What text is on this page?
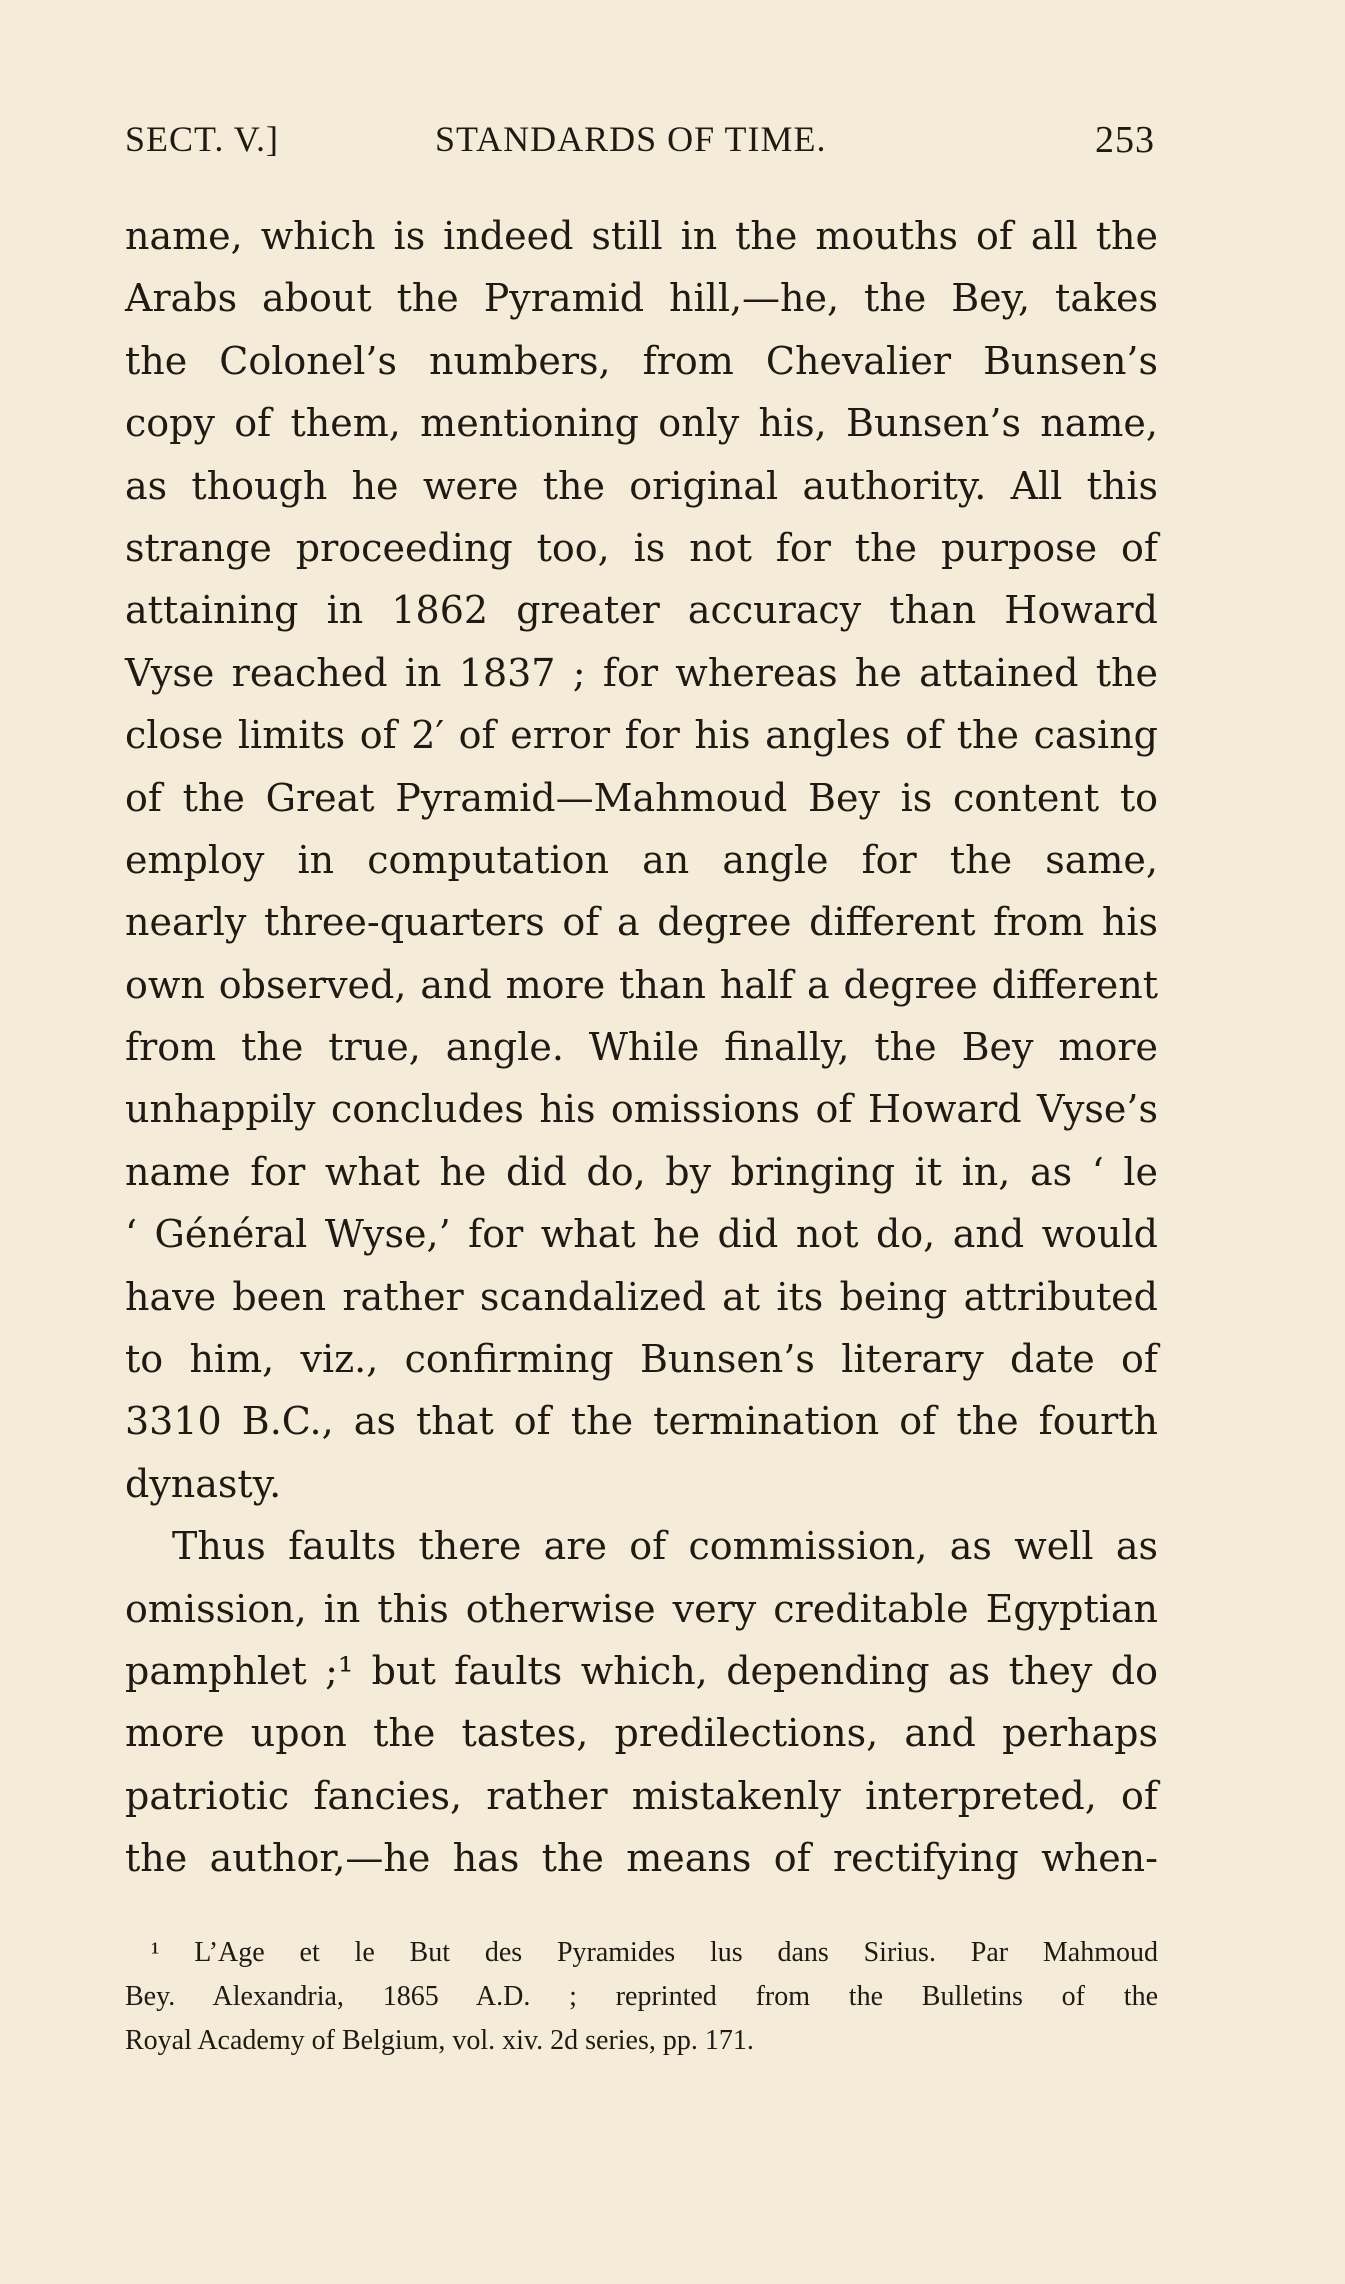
SECT. V.]	STANDARDS OF TIME.	253
name, which is indeed still in the mouths of all the
Arabs about the Pyramid hill,—he, the Bey, takes
the Colonel’s numbers, from Chevalier Bunsen’s
copy of them, mentioning only his, Bunsen’s name,
as though he were the original authority. All this
strange proceeding too, is not for the purpose of
attaining in 1862 greater accuracy than Howard
Vyse reached in 1837 ; for whereas he attained the
close limits of 2′ of error for his angles of the casing
of the Great Pyramid—Mahmoud Bey is content to
employ in computation an angle for the same,
nearly three-quarters of a degree different from his
own observed, and more than half a degree different
from the true, angle. While finally, the Bey more
unhappily concludes his omissions of Howard Vyse’s
name for what he did do, by bringing it in, as ‘ le
‘ Général Wyse,’ for what he did not do, and would
have been rather scandalized at its being attributed
to him, viz., confirming Bunsen’s literary date of
3310 B.C., as that of the termination of the fourth
dynasty.
Thus faults there are of commission, as well as
omission, in this otherwise very creditable Egyptian
pamphlet ;¹ but faults which, depending as they do
more upon the tastes, predilections, and perhaps
patriotic fancies, rather mistakenly interpreted, of
the author,—he has the means of rectifying when-
¹ L’Age et le But des Pyramides lus dans Sirius. Par Mahmoud
Bey. Alexandria, 1865 A.D. ; reprinted from the Bulletins of the
Royal Academy of Belgium, vol. xiv. 2d series, pp. 171.
